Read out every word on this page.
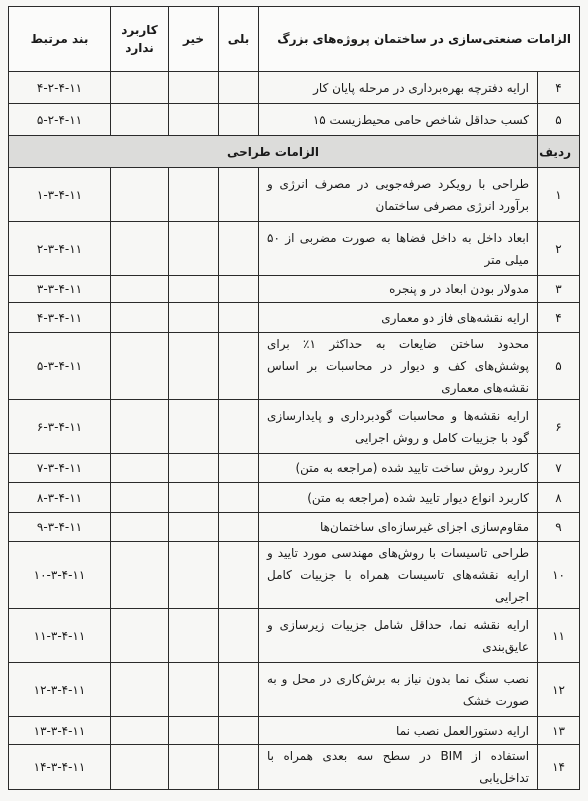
الزامات صنعتی‌سازی در ساختمان پروژه‌های بزرگ		بلی	خیر	کاربرد ندارد	بند مرتبط
۴	ارایه دفترچه بهره‌برداری در مرحله پایان کار				۴-۲-۴-۱۱
۵	کسب حداقل شاخص حامی محیط‌زیست ۱۵				۵-۲-۴-۱۱
ردیف	الزامات طراحی				
۱	طراحی با رویکرد صرفه‌جویی در مصرف انرژی و برآورد انرژی مصرفی ساختمان				۱-۳-۴-۱۱
۲	ابعاد داخل به داخل فضاها به صورت مضربی از ۵۰ میلی متر				۲-۳-۴-۱۱
۳	مدولار بودن ابعاد در و پنجره				۳-۳-۴-۱۱
۴	ارایه نقشه‌های فاز دو معماری				۴-۳-۴-۱۱
۵	محدود ساختن ضایعات به حداکثر ۱٪ برای پوشش‌های کف و دیوار در محاسبات بر اساس نقشه‌های معماری				۵-۳-۴-۱۱
۶	ارایه نقشه‌ها و محاسبات گودبرداری و پایدارسازی گود با جزییات کامل و روش اجرایی				۶-۳-۴-۱۱
۷	کاربرد روش ساخت تایید شده (مراجعه به متن)				۷-۳-۴-۱۱
۸	کاربرد انواع دیوار تایید شده (مراجعه به متن)				۸-۳-۴-۱۱
۹	مقاوم‌سازی اجزای غیرسازه‌ای ساختمان‌ها				۹-۳-۴-۱۱
۱۰	طراحی تاسیسات با روش‌های مهندسی مورد تایید و ارایه نقشه‌های تاسیسات همراه با جزییات کامل اجرایی				۱۰-۳-۴-۱۱
۱۱	ارایه نقشه نما، حداقل شامل جزییات زیرسازی و عایق‌بندی				۱۱-۳-۴-۱۱
۱۲	نصب سنگ نما بدون نیاز به برش‌کاری در محل و به صورت خشک				۱۲-۳-۴-۱۱
۱۳	ارایه دستورالعمل نصب نما				۱۳-۳-۴-۱۱
۱۴	استفاده از BIM در سطح سه بعدی همراه با تداخل‌یابی				۱۴-۳-۴-۱۱
